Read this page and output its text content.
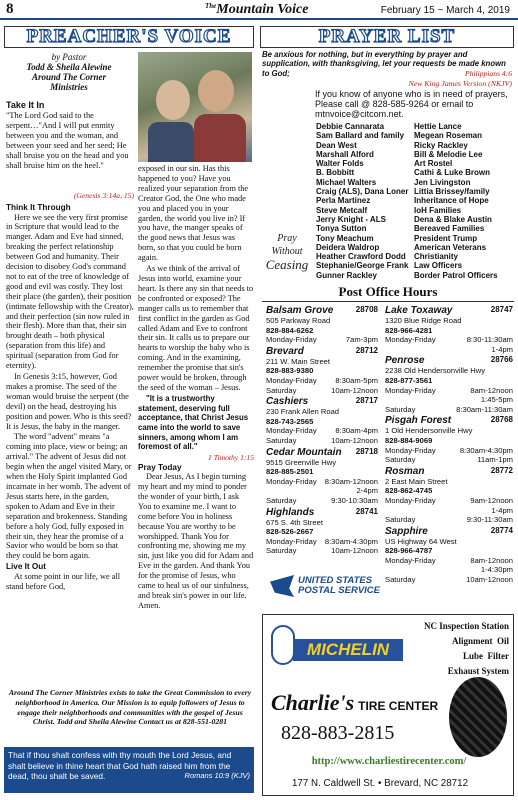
8	$^{The}$Mountain Voice	February 15 ~ March 4, 2019
PREACHER'S VOICE
by Pastor
Todd & Sheila Alewine
Around The Corner
Ministries
Take It In

"The Lord God said to the serpent…"And I will put enmity between you and the woman, and between your seed and her seed; He shall bruise you on the head and you shall bruise him on the heel."

(Genesis 3:14a, 15)
Think It Through

Here we see the very first promise in Scripture that would lead to the manger. Adam and Eve had sinned, breaking the perfect relationship between God and humanity. Their decision to disobey God's command not to eat of the tree of knowledge of good and evil was costly. They lost their place (the garden), their position (intimate fellowship with the Creator), and their perfection (sin now ruled in their flesh). More than that, their sin brought death – both physical (separation from this life) and spiritual (separation from God for eternity).

In Genesis 3:15, however, God makes a promise. The seed of the woman would bruise the serpent (the devil) on the head, destroying his position and power. Who is this seed? It is Jesus, the baby in the manger.

The word "advent" means "a coming into place, view or being; an arrival." The advent of Jesus did not begin when the angel visited Mary, or when the Holy Spirit implanted God incarnate in her womb. The advent of Jesus starts here, in the garden, spoken to Adam and Eve in their separation and brokenness. Standing before a holy God, fully exposed in their sin, they hear the promise of a Savior who would be born so that they could be born again.

Live It Out

At some point in our life, we all stand before God,

exposed in our sin. Has this happened to you? Have you realized your separation from the Creator God, the One who made you and placed you in your garden, the world you live in? If you have, the manger speaks of the good news that Jesus was born, so that you could be born again.

As we think of the arrival of Jesus into world, examine your heart. Is there any sin that needs to be confronted or exposed? The manger calls us to remember that first conflict in the garden as God called Adam and Eve to confront their sin. It calls us to prepare our hearts to worship the baby who is coming. And in the examining, remember the promise that sin's power would be broken, through the seed of the woman – Jesus.

"It is a trustworthy statement, deserving full acceptance, that Christ Jesus came into the world to save sinners, among whom I am foremost of all."

1 Timothy 1:15
Pray Today

Dear Jesus, As I begin turning my heart and my mind to ponder the wonder of your birth, I ask You to examine me. I want to come before You in holiness because You are worthy to be worshipped. Thank You for confronting me, showing me my sin, just like you did for Adam and Eve in the garden. And thank You for the promise of Jesus, who came to heal us of our sinfulness, and break sin's power in our life. Amen.

Around The Corner Ministries exists to take the Great Commission to every neighborhood in America. Our Mission is to equip followers of Jesus to engage their neighborhoods and communities with the gospel of Jesus Christ. Todd and Sheila Alewine Contact us at 828-551-0281
That if thou shalt confess with thy mouth the Lord Jesus, and shalt believe in thine heart that God hath raised him from the dead, thou shalt be saved.	Romans 10:9 (KJV)
PRAYER LIST
Be anxious for nothing, but in everything by prayer and supplication, with thanksgiving, let your requests be made known to God;	Philippians 4:6
New King James Version (NKJV)
If you know of anyone who is in need of prayers, Please call @ 828-585-9264 or email to mtnvoice@citcom.net.
Pray Without
Ceasing
Debbie Cannarata
Sam Ballard and family
Dean West
Marshall Alford
Walter Folds
B. Bobbitt
Michael Walters
Craig (ALS), Dana Loner
Perla Martinez
Steve Metcalf
Jerry Knight - ALS
Tonya Sutton
Tony Meachum
Deidera Waldrop
Heather Crawford Dodd
Stephanie/George Frank
Gunner Rackley
Hettie Lance
Megean Roseman
Ricky Rackley
Bill & Melodie Lee
Art Rostel
Cathi & Luke Brown
Jen Livingston
Littia Brissey/family
Inheritance of Hope
IoH Families
Dena & Blake Austin
Bereaved Families
President Trump
American Veterans
Christianity
Law Officers
Border Patrol Officers
Post Office Hours
Balsam Grove	28708
505 Parkway Road
828-884-6262
Monday-Friday	7am-3pm
Brevard	28712
211 W. Main Street
828-883-9380
Monday-Friday 8:30am-5pm
Saturday	10am-12noon
Cashiers	28717
230 Frank Allen Road
828-743-2565
Monday-Friday 8:30am-4pm
Saturday	10am-12noon
Cedar Mountain 28718
9515 Greenville Hwy
828-885-2501
Monday-Friday 8:30am-12noon
2-4pm
Saturday	9:30-10:30am
Highlands	28741
675 S. 4th Street
828-526-2667
Monday-Friday 8:30am-4:30pm
Saturday	10am-12noon
Lake Toxaway	28747
1320 Blue Ridge Road
828-966-4281
Monday-Friday	8:30-11:30am
1-4pm
Penrose	28766
2238 Old Hendersonville Hwy
828-877-3561
Monday-Friday	8am-12noon
1:45-5pm
Saturday	8:30am-11:30am
Pisgah Forest	28768
1 Old Hendersonville Hwy
828-884-9069
Monday-Friday	8:30am-4:30pm
Saturday	11am-1pm
Rosman	28772
2 East Main Street
828-862-4745
Monday-Friday	9am-12noon
1-4pm
Saturday	9:30-11:30am
Sapphire	28774
US Highway 64 West
828-966-4787
Monday-Friday	8am-12noon
1-4:30pm
Saturday	10am-12noon
UNITED STATES
POSTAL SERVICE
NC Inspection Station
Alignment Oil
Lube Filter
Exhaust System
MICHELIN
Charlie's TIRE CENTER
828-883-2815
http://www.charliestirecenter.com/
177 N. Caldwell St. • Brevard, NC 28712
